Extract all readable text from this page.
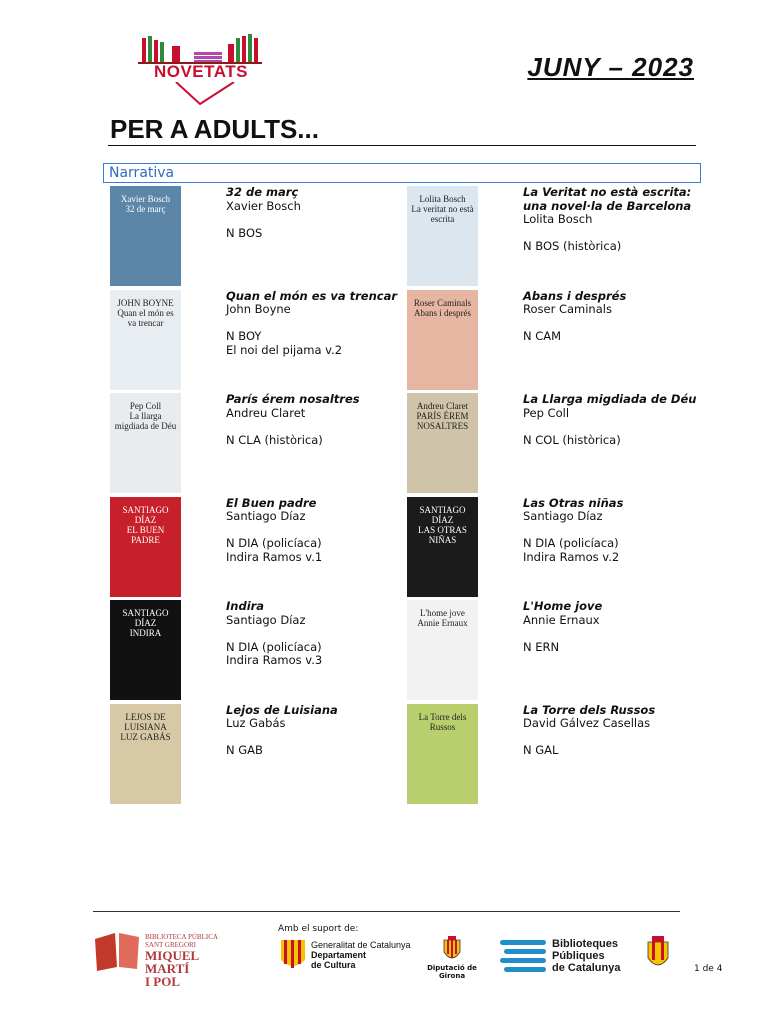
NOVETATS	JUNY – 2023
PER A ADULTS...
Narrativa
Xavier Bosch
32 de març
32 de març
Xavier Bosch
N BOS
Lolita Bosch
La veritat no està escrita
La Veritat no està escrita: una novel·la de Barcelona
Lolita Bosch
N BOS (històrica)
JOHN BOYNE
Quan el món es va trencar
Quan el món es va trencar
John Boyne
N BOY
El noi del pijama v.2
Roser Caminals
Abans i després
Abans i després
Roser Caminals
N CAM
Pep Coll
La llarga migdiada de Déu
París érem nosaltres
Andreu Claret
N CLA (històrica)
Andreu Claret
PARÍS ÉREM NOSALTRES
La Llarga migdiada de Déu
Pep Coll
N COL (històrica)
SANTIAGO DÍAZ
EL BUEN PADRE
El Buen padre
Santiago Díaz
N DIA (policíaca)
Indira Ramos v.1
SANTIAGO DÍAZ
LAS OTRAS NIÑAS
Las Otras niñas
Santiago Díaz
N DIA (policíaca)
Indira Ramos v.2
SANTIAGO DÍAZ
INDIRA
Indira
Santiago Díaz
N DIA (policíaca)
Indira Ramos v.3
L'home jove
Annie Ernaux
L'Home jove
Annie Ernaux
N ERN
LEJOS DE LUISIANA
LUZ GABÁS
Lejos de Luisiana
Luz Gabás
N GAB
La Torre dels Russos
La Torre dels Russos
David Gálvez Casellas
N GAL
Amb el suport de:
BIBLIOTECA PÚBLICA
SANT GREGORI
MIQUEL
MARTÍ
I POL
Generalitat de Catalunya
Departament
de Cultura	Diputació de Girona
Biblioteques
Públiques
de Catalunya	1 de 4
